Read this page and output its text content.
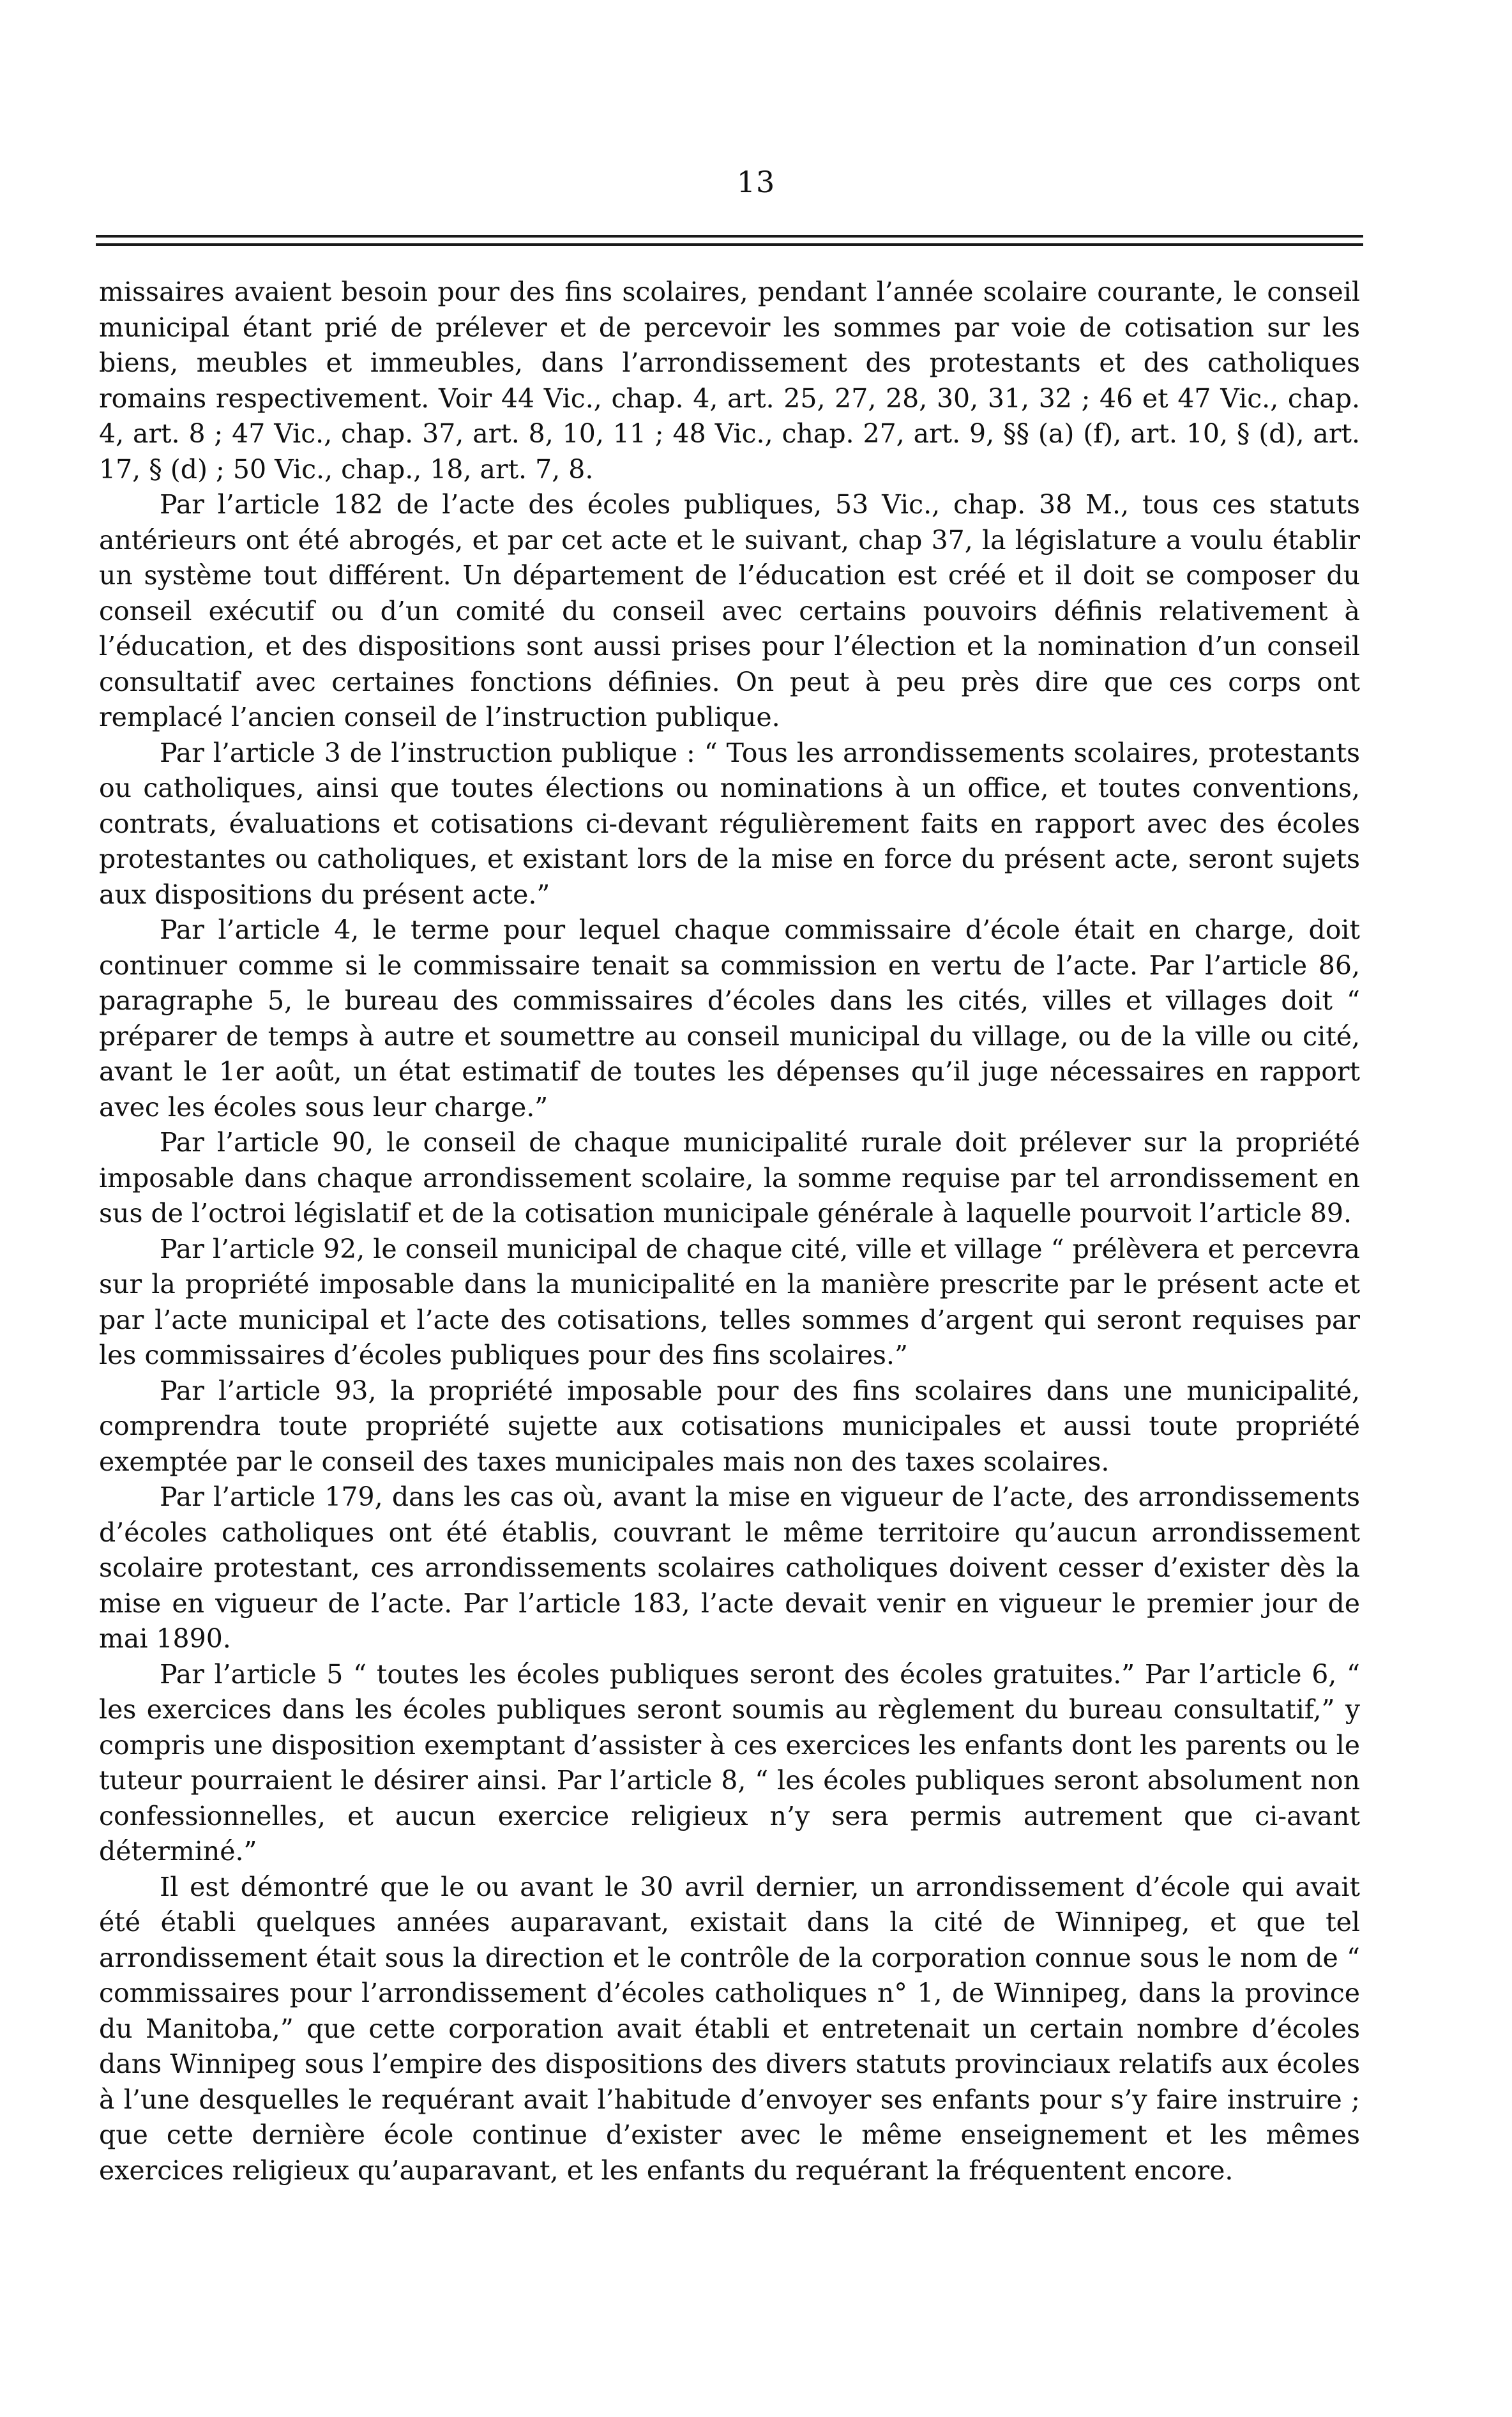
13

missaires avaient besoin pour des fins scolaires, pendant l’année scolaire courante, le conseil municipal étant prié de prélever et de percevoir les sommes par voie de cotisation sur les biens, meubles et immeubles, dans l’arrondissement des protestants et des catholiques romains respectivement. Voir 44 Vic., chap. 4, art. 25, 27, 28, 30, 31, 32 ; 46 et 47 Vic., chap. 4, art. 8 ; 47 Vic., chap. 37, art. 8, 10, 11 ; 48 Vic., chap. 27, art. 9, §§ (a) (f), art. 10, § (d), art. 17, § (d) ; 50 Vic., chap., 18, art. 7, 8.

Par l’article 182 de l’acte des écoles publiques, 53 Vic., chap. 38 M., tous ces statuts antérieurs ont été abrogés, et par cet acte et le suivant, chap 37, la législature a voulu établir un système tout différent. Un département de l’éducation est créé et il doit se composer du conseil exécutif ou d’un comité du conseil avec certains pouvoirs définis relativement à l’éducation, et des dispositions sont aussi prises pour l’élection et la nomination d’un conseil consultatif avec certaines fonctions définies. On peut à peu près dire que ces corps ont remplacé l’ancien conseil de l’instruction publique.

Par l’article 3 de l’instruction publique : “ Tous les arrondissements scolaires, protestants ou catholiques, ainsi que toutes élections ou nominations à un office, et toutes conventions, contrats, évaluations et cotisations ci-devant régulièrement faits en rapport avec des écoles protestantes ou catholiques, et existant lors de la mise en force du présent acte, seront sujets aux dispositions du présent acte.”

Par l’article 4, le terme pour lequel chaque commissaire d’école était en charge, doit continuer comme si le commissaire tenait sa commission en vertu de l’acte. Par l’article 86, paragraphe 5, le bureau des commissaires d’écoles dans les cités, villes et villages doit “ préparer de temps à autre et soumettre au conseil municipal du village, ou de la ville ou cité, avant le 1er août, un état estimatif de toutes les dépenses qu’il juge nécessaires en rapport avec les écoles sous leur charge.”

Par l’article 90, le conseil de chaque municipalité rurale doit prélever sur la propriété imposable dans chaque arrondissement scolaire, la somme requise par tel arrondissement en sus de l’octroi législatif et de la cotisation municipale générale à laquelle pourvoit l’article 89.

Par l’article 92, le conseil municipal de chaque cité, ville et village “ prélèvera et percevra sur la propriété imposable dans la municipalité en la manière prescrite par le présent acte et par l’acte municipal et l’acte des cotisations, telles sommes d’argent qui seront requises par les commissaires d’écoles publiques pour des fins scolaires.”

Par l’article 93, la propriété imposable pour des fins scolaires dans une municipalité, comprendra toute propriété sujette aux cotisations municipales et aussi toute propriété exemptée par le conseil des taxes municipales mais non des taxes scolaires.

Par l’article 179, dans les cas où, avant la mise en vigueur de l’acte, des arrondissements d’écoles catholiques ont été établis, couvrant le même territoire qu’aucun arrondissement scolaire protestant, ces arrondissements scolaires catholiques doivent cesser d’exister dès la mise en vigueur de l’acte. Par l’article 183, l’acte devait venir en vigueur le premier jour de mai 1890.

Par l’article 5 “ toutes les écoles publiques seront des écoles gratuites.” Par l’article 6, “ les exercices dans les écoles publiques seront soumis au règlement du bureau consultatif,” y compris une disposition exemptant d’assister à ces exercices les enfants dont les parents ou le tuteur pourraient le désirer ainsi. Par l’article 8, “ les écoles publiques seront absolument non confessionnelles, et aucun exercice religieux n’y sera permis autrement que ci-avant déterminé.”

Il est démontré que le ou avant le 30 avril dernier, un arrondissement d’école qui avait été établi quelques années auparavant, existait dans la cité de Winnipeg, et que tel arrondissement était sous la direction et le contrôle de la corporation connue sous le nom de “ commissaires pour l’arrondissement d’écoles catholiques n° 1, de Winnipeg, dans la province du Manitoba,” que cette corporation avait établi et entretenait un certain nombre d’écoles dans Winnipeg sous l’empire des dispositions des divers statuts provinciaux relatifs aux écoles à l’une desquelles le requérant avait l’habitude d’envoyer ses enfants pour s’y faire instruire ; que cette dernière école continue d’exister avec le même enseignement et les mêmes exercices religieux qu’auparavant, et les enfants du requérant la fréquentent encore.
